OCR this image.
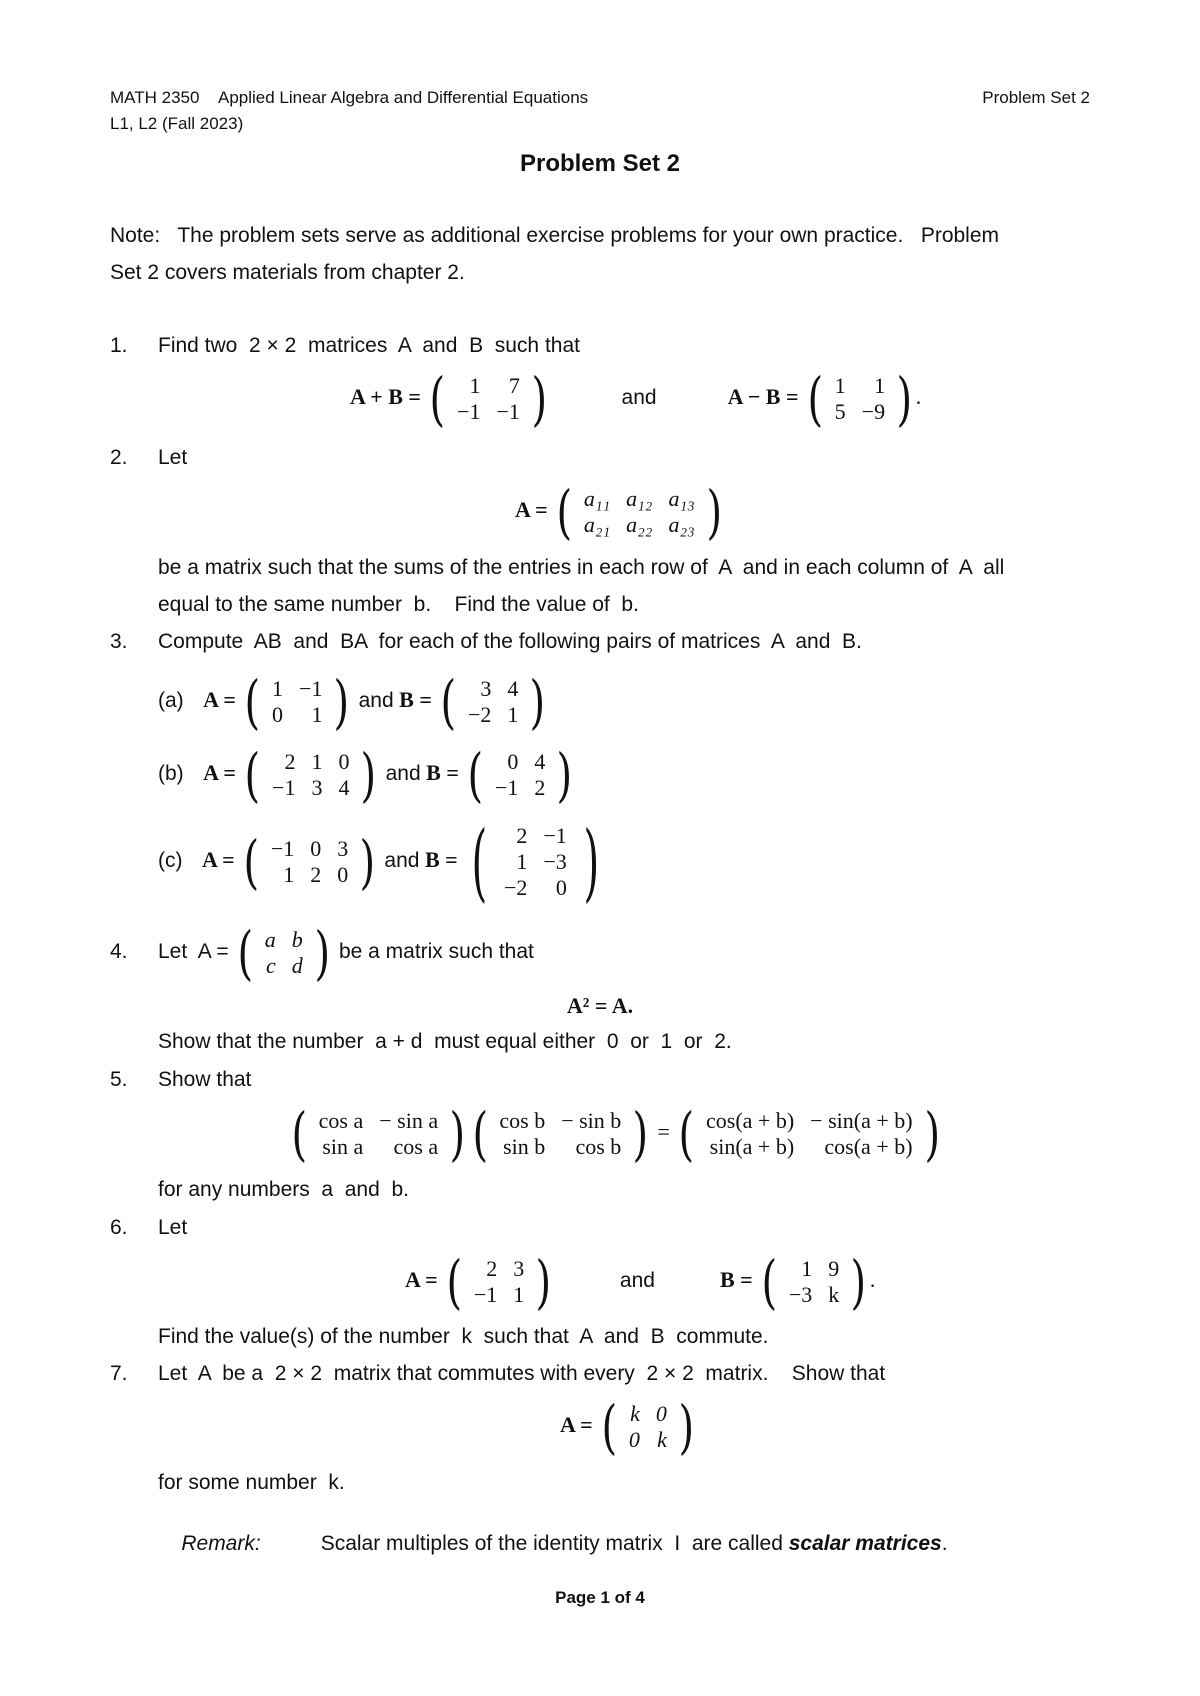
MATH 2350 Applied Linear Algebra and Differential Equations	Problem Set 2
L1, L2 (Fall 2023)
Problem Set 2
Note:   The problem sets serve as additional exercise problems for your own practice.   Problem
Set 2 covers materials from chapter 2.
1. Find two  2 × 2  matrices  A  and  B  such that
A + B = ( 1	7
−1	−1 )	and	A − B = ( 1	1
5	−9 ) .
2. Let
A = ( a₁₁	a₁₂	a₁₃
a₂₁	a₂₂	a₂₃ )
be a matrix such that the sums of the entries in each row of  A  and in each column of  A  all
equal to the same number  b.    Find the value of  b.
3. Compute  AB  and  BA  for each of the following pairs of matrices  A  and  B.
(a) A = ( 1	−1
0	1 ) and B = ( 3	4
−2	1 )
(b) A = ( 2	1	0
−1	3	4 ) and B = ( 0	4
−1	2 )
(c) A = ( −1	0	3
1	2	0 ) and B = ( 2	−1
1	−3
−2	0 )
4. Let  A = ( a	b
c	d ) be a matrix such that
A² = A.
Show that the number  a + d  must equal either  0  or  1  or  2.
5. Show that
( cos a	− sin a
sin a	cos a ) ( cos b	− sin b
sin b	cos b ) = ( cos(a + b)	− sin(a + b)
sin(a + b)	cos(a + b) )
for any numbers  a  and  b.
6. Let
A = ( 2	3
−1	1 )	and	B = ( 1	9
−3	k ) .
Find the value(s) of the number  k  such that  A  and  B  commute.
7. Let  A  be a  2 × 2  matrix that commutes with every  2 × 2  matrix.    Show that
A = ( k	0
0	k )
for some number  k.

Remark:	Scalar multiples of the identity matrix  I  are called scalar matrices.

Page 1 of 4
